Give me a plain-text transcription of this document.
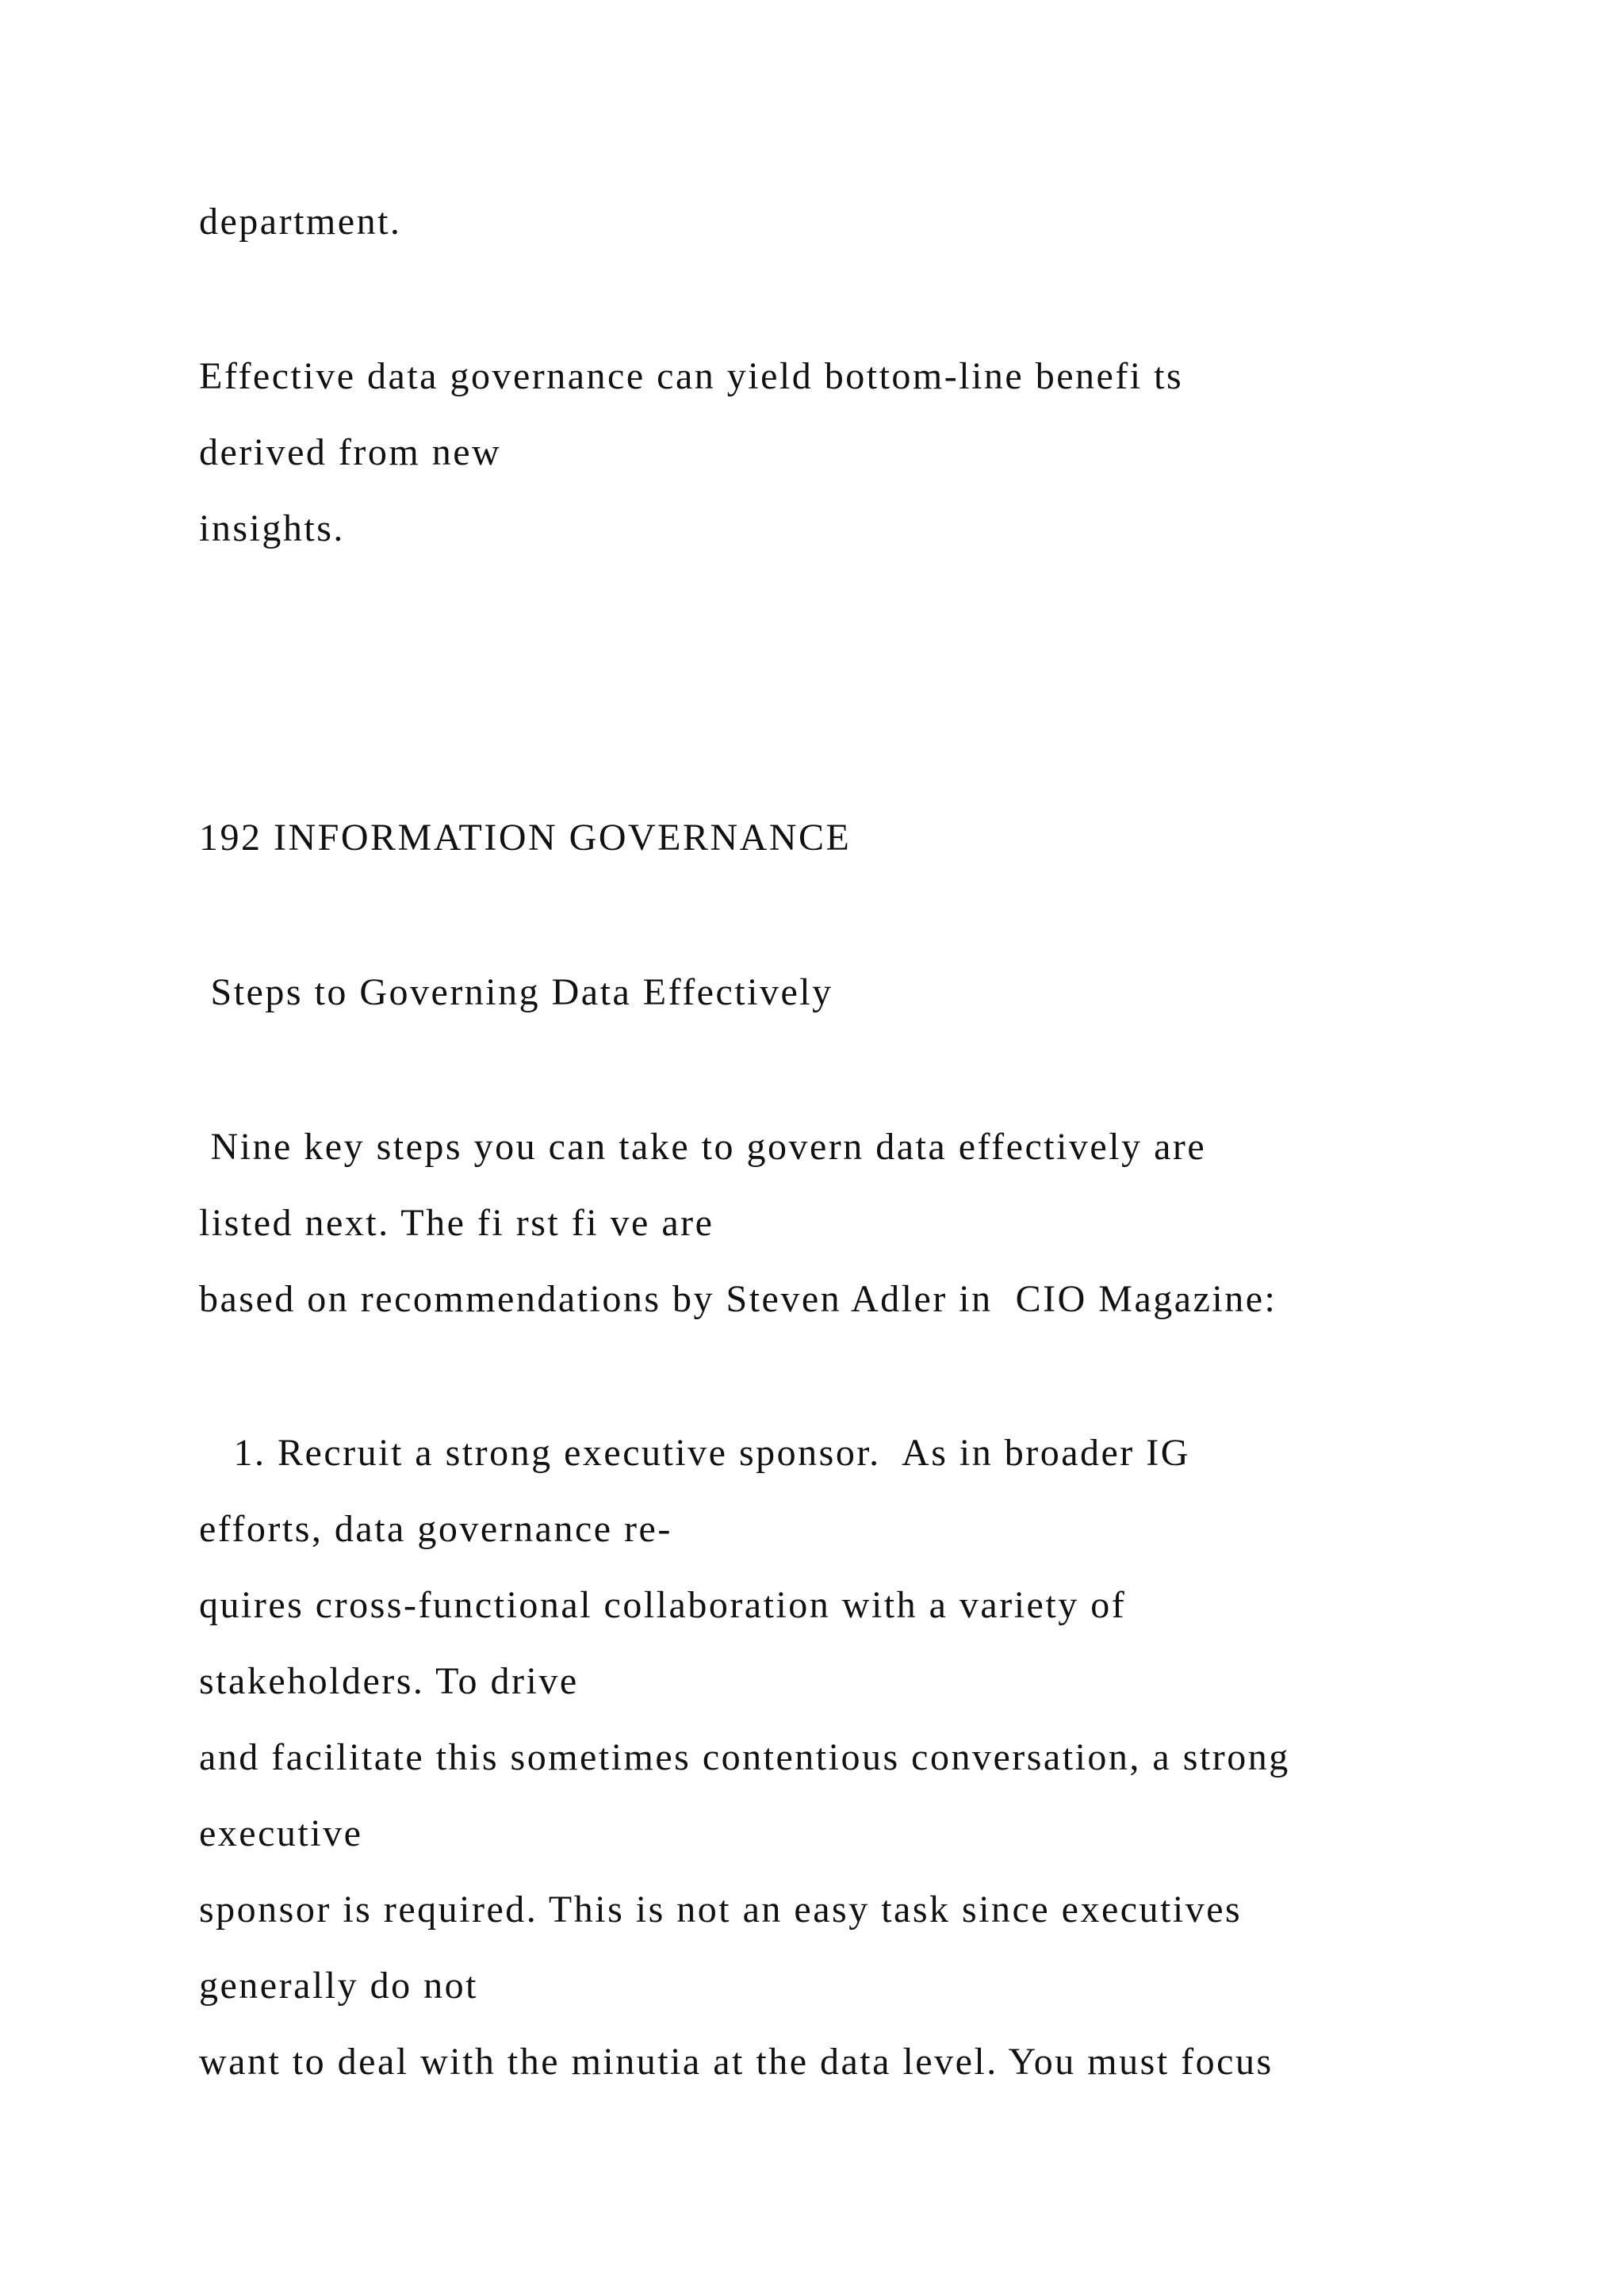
department.
Effective data governance can yield bottom-line benefi ts
derived from new
insights.
192 INFORMATION GOVERNANCE
Steps to Governing Data Effectively
Nine key steps you can take to govern data effectively are
listed next. The fi rst fi ve are
based on recommendations by Steven Adler in  CIO Magazine:
1. Recruit a strong executive sponsor.  As in broader IG
efforts, data governance re-
quires cross-functional collaboration with a variety of
stakeholders. To drive
and facilitate this sometimes contentious conversation, a strong
executive
sponsor is required. This is not an easy task since executives
generally do not
want to deal with the minutia at the data level. You must focus
